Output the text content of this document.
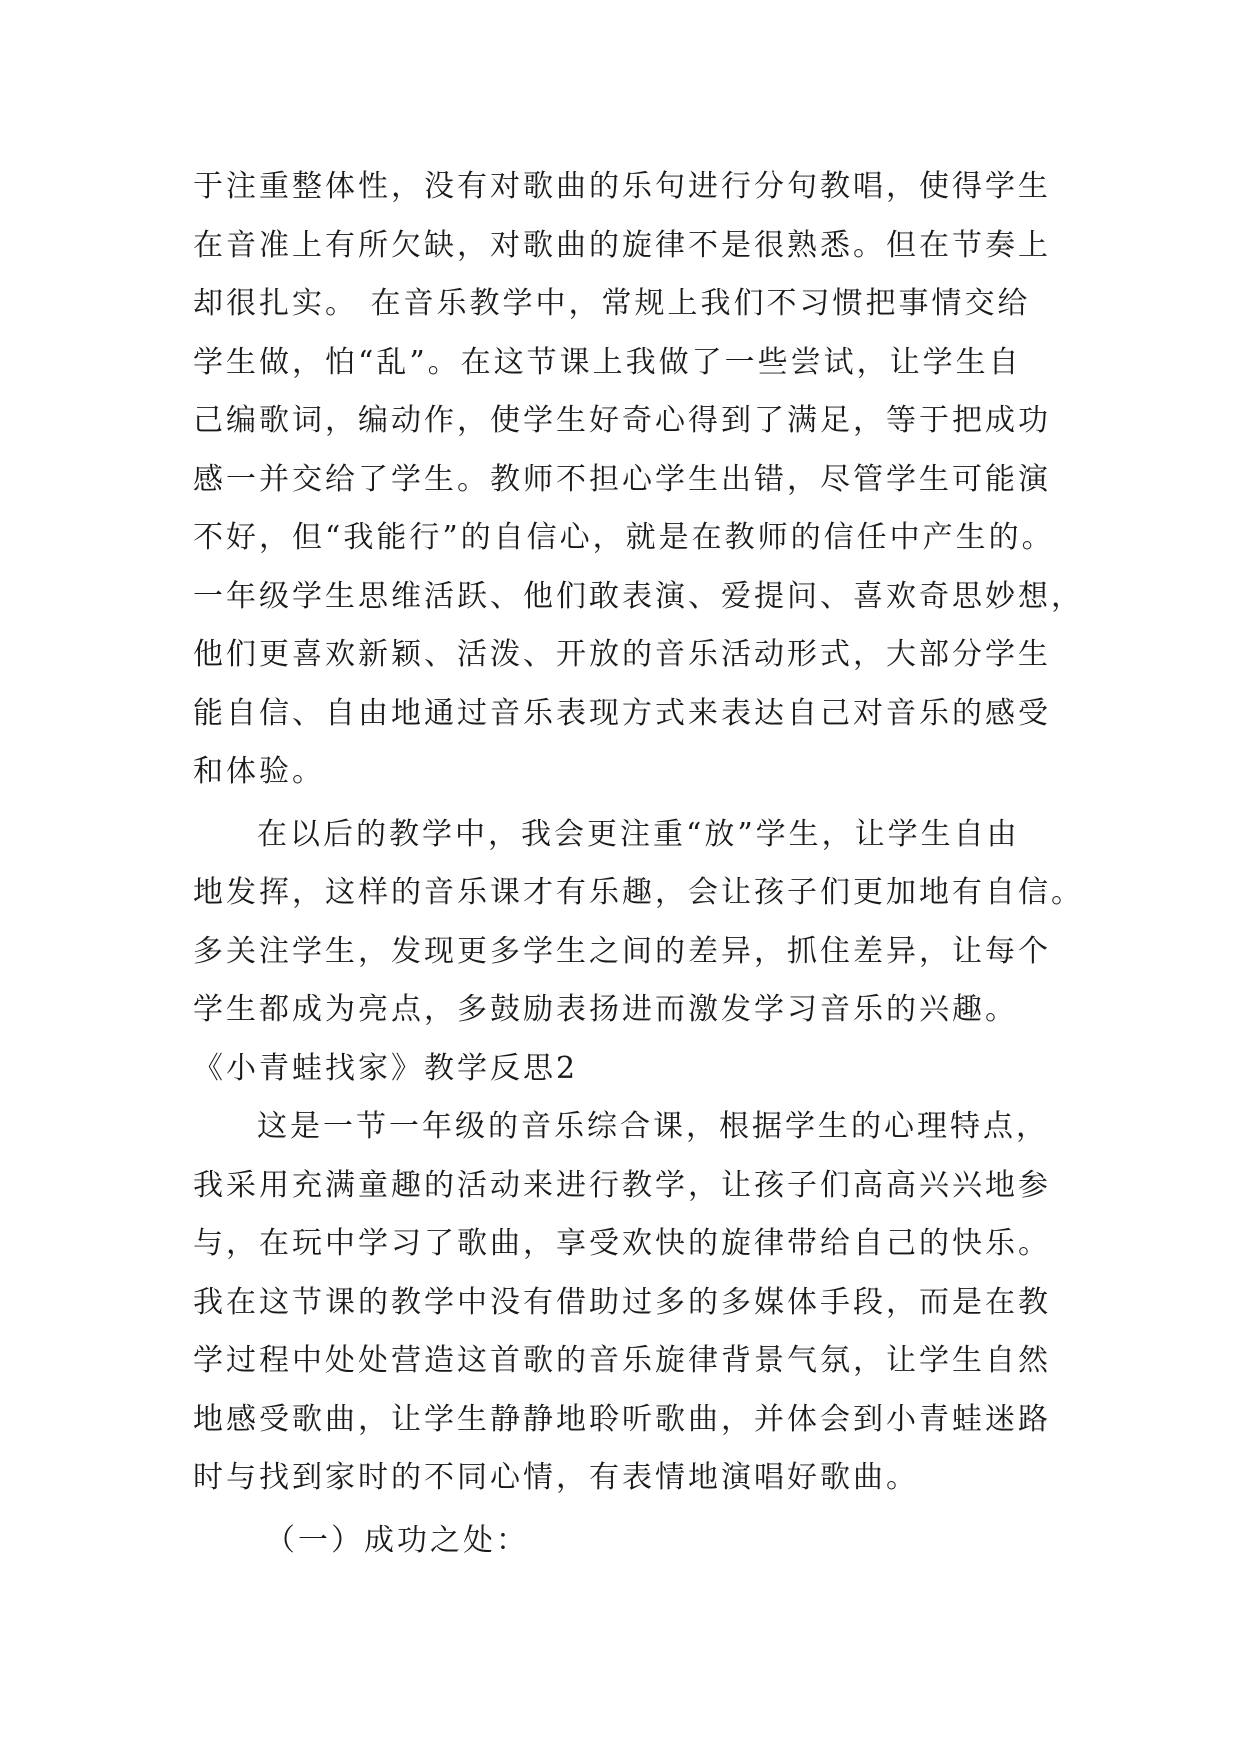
于注重整体性，没有对歌曲的乐句进行分句教唱，使得学生
在音准上有所欠缺，对歌曲的旋律不是很熟悉。但在节奏上
却很扎实。 在音乐教学中，常规上我们不习惯把事情交给
学生做，怕“乱”。在这节课上我做了一些尝试，让学生自
己编歌词，编动作，使学生好奇心得到了满足，等于把成功
感一并交给了学生。教师不担心学生出错，尽管学生可能演
不好，但“我能行”的自信心，就是在教师的信任中产生的。
一年级学生思维活跃、他们敢表演、爱提问、喜欢奇思妙想，
他们更喜欢新颖、活泼、开放的音乐活动形式，大部分学生
能自信、自由地通过音乐表现方式来表达自己对音乐的感受
和体验。
在以后的教学中，我会更注重“放”学生，让学生自由
地发挥，这样的音乐课才有乐趣，会让孩子们更加地有自信。
多关注学生，发现更多学生之间的差异，抓住差异，让每个
学生都成为亮点，多鼓励表扬进而激发学习音乐的兴趣。
《小青蛙找家》教学反思2
这是一节一年级的音乐综合课，根据学生的心理特点，
我采用充满童趣的活动来进行教学，让孩子们高高兴兴地参
与，在玩中学习了歌曲，享受欢快的旋律带给自己的快乐。
我在这节课的教学中没有借助过多的多媒体手段，而是在教
学过程中处处营造这首歌的音乐旋律背景气氛，让学生自然
地感受歌曲，让学生静静地聆听歌曲，并体会到小青蛙迷路
时与找到家时的不同心情，有表情地演唱好歌曲。
（一）成功之处：
